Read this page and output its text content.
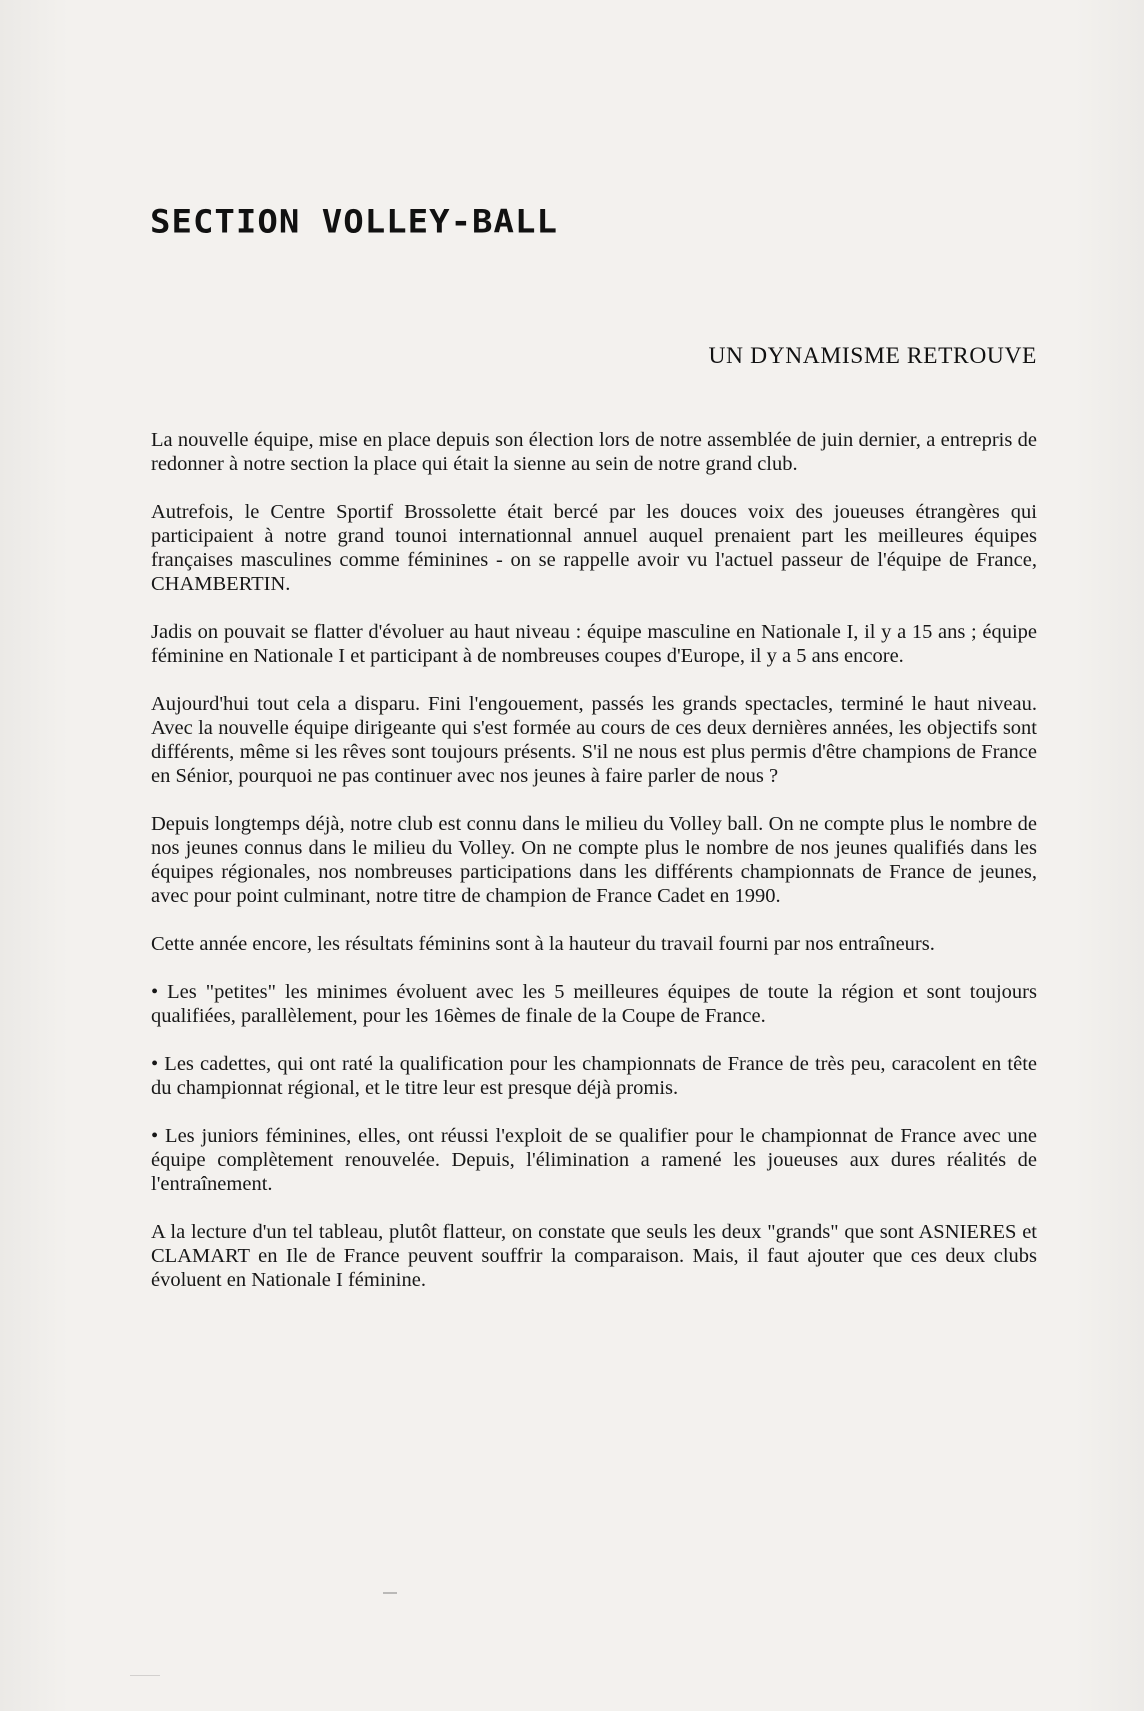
SECTION VOLLEY-BALL
UN DYNAMISME RETROUVE

La nouvelle équipe, mise en place depuis son élection lors de notre assemblée de juin dernier, a entrepris de redonner à notre section la place qui était la sienne au sein de notre grand club.

Autrefois, le Centre Sportif Brossolette était bercé par les douces voix des joueuses étrangères qui participaient à notre grand tounoi internationnal annuel auquel prenaient part les meilleures équipes françaises masculines comme féminines - on se rappelle avoir vu l'actuel passeur de l'équipe de France, CHAMBERTIN.

Jadis on pouvait se flatter d'évoluer au haut niveau : équipe masculine en Nationale I, il y a 15 ans ; équipe féminine en Nationale I et participant à de nombreuses coupes d'Europe, il y a 5 ans encore.

Aujourd'hui tout cela a disparu. Fini l'engouement, passés les grands spectacles, terminé le haut niveau. Avec la nouvelle équipe dirigeante qui s'est formée au cours de ces deux dernières années, les objectifs sont différents, même si les rêves sont toujours présents. S'il ne nous est plus permis d'être champions de France en Sénior, pourquoi ne pas continuer avec nos jeunes à faire parler de nous ?

Depuis longtemps déjà, notre club est connu dans le milieu du Volley ball. On ne compte plus le nombre de nos jeunes connus dans le milieu du Volley. On ne compte plus le nombre de nos jeunes qualifiés dans les équipes régionales, nos nombreuses participations dans les différents championnats de France de jeunes, avec pour point culminant, notre titre de champion de France Cadet en 1990.

Cette année encore, les résultats féminins sont à la hauteur du travail fourni par nos entraîneurs.

• Les "petites" les minimes évoluent avec les 5 meilleures équipes de toute la région et sont toujours qualifiées, parallèlement, pour les 16èmes de finale de la Coupe de France.

• Les cadettes, qui ont raté la qualification pour les championnats de France de très peu, caracolent en tête du championnat régional, et le titre leur est presque déjà promis.

• Les juniors féminines, elles, ont réussi l'exploit de se qualifier pour le championnat de France avec une équipe complètement renouvelée. Depuis, l'élimination a ramené les joueuses aux dures réalités de l'entraînement.

A la lecture d'un tel tableau, plutôt flatteur, on constate que seuls les deux "grands" que sont ASNIERES et CLAMART en Ile de France peuvent souffrir la comparaison. Mais, il faut ajouter que ces deux clubs évoluent en Nationale I féminine.
